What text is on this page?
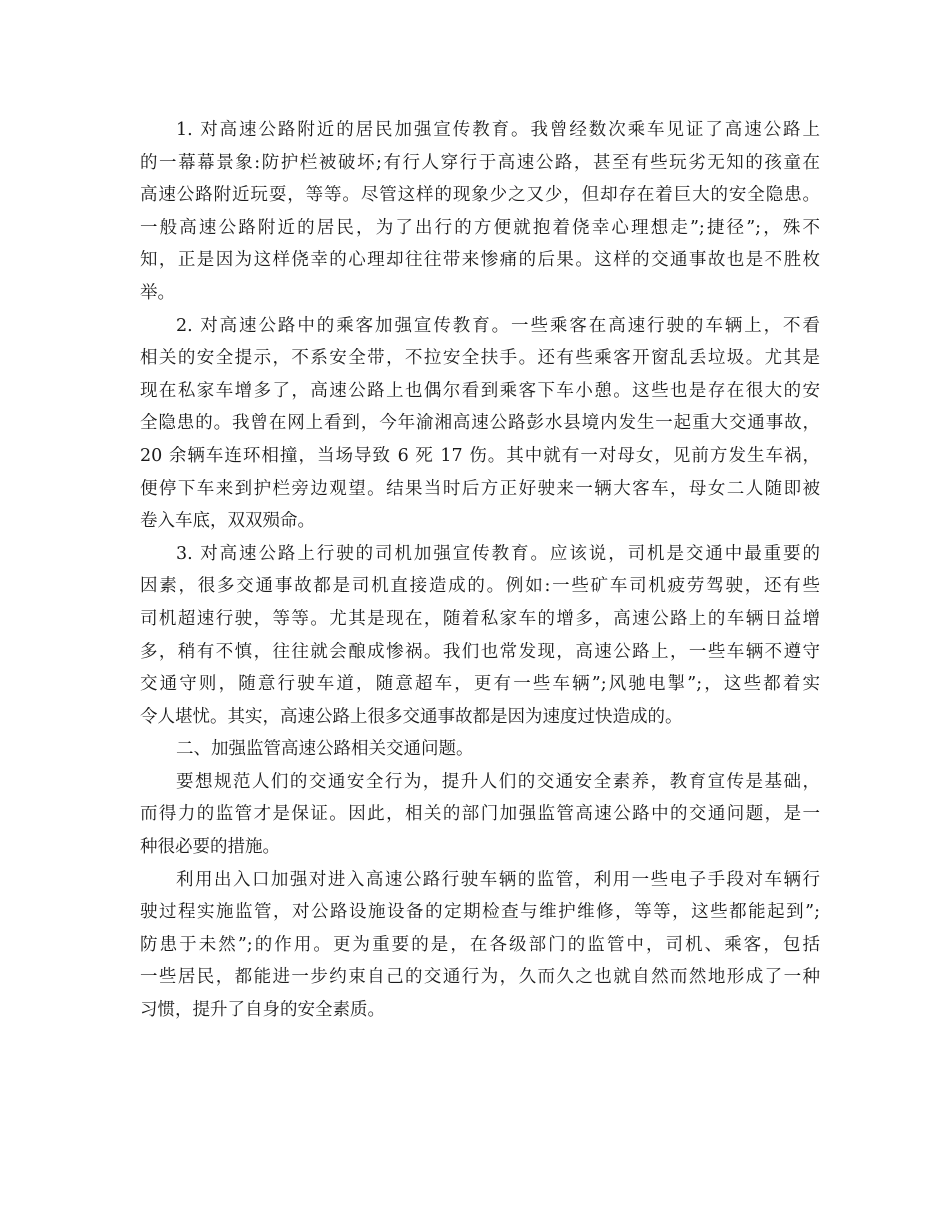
1. 对高速公路附近的居民加强宣传教育。我曾经数次乘车见证了高速公路上
的一幕幕景象:防护栏被破坏;有行人穿行于高速公路，甚至有些玩劣无知的孩童在
高速公路附近玩耍，等等。尽管这样的现象少之又少，但却存在着巨大的安全隐患。
一般高速公路附近的居民，为了出行的方便就抱着侥幸心理想走”;捷径”;，殊不
知，正是因为这样侥幸的心理却往往带来惨痛的后果。这样的交通事故也是不胜枚
举。
2. 对高速公路中的乘客加强宣传教育。一些乘客在高速行驶的车辆上，不看
相关的安全提示，不系安全带，不拉安全扶手。还有些乘客开窗乱丢垃圾。尤其是
现在私家车增多了，高速公路上也偶尔看到乘客下车小憩。这些也是存在很大的安
全隐患的。我曾在网上看到，今年渝湘高速公路彭水县境内发生一起重大交通事故，
20 余辆车连环相撞，当场导致 6 死 17 伤。其中就有一对母女，见前方发生车祸，
便停下车来到护栏旁边观望。结果当时后方正好驶来一辆大客车，母女二人随即被
卷入车底，双双殒命。
3. 对高速公路上行驶的司机加强宣传教育。应该说，司机是交通中最重要的
因素，很多交通事故都是司机直接造成的。例如:一些矿车司机疲劳驾驶，还有些
司机超速行驶，等等。尤其是现在，随着私家车的增多，高速公路上的车辆日益增
多，稍有不慎，往往就会酿成惨祸。我们也常发现，高速公路上，一些车辆不遵守
交通守则，随意行驶车道，随意超车，更有一些车辆”;风驰电掣”;，这些都着实
令人堪忧。其实，高速公路上很多交通事故都是因为速度过快造成的。
二、加强监管高速公路相关交通问题。
要想规范人们的交通安全行为，提升人们的交通安全素养，教育宣传是基础，
而得力的监管才是保证。因此，相关的部门加强监管高速公路中的交通问题，是一
种很必要的措施。
利用出入口加强对进入高速公路行驶车辆的监管，利用一些电子手段对车辆行
驶过程实施监管，对公路设施设备的定期检查与维护维修，等等，这些都能起到”;
防患于未然”;的作用。更为重要的是，在各级部门的监管中，司机、乘客，包括
一些居民，都能进一步约束自己的交通行为，久而久之也就自然而然地形成了一种
习惯，提升了自身的安全素质。
